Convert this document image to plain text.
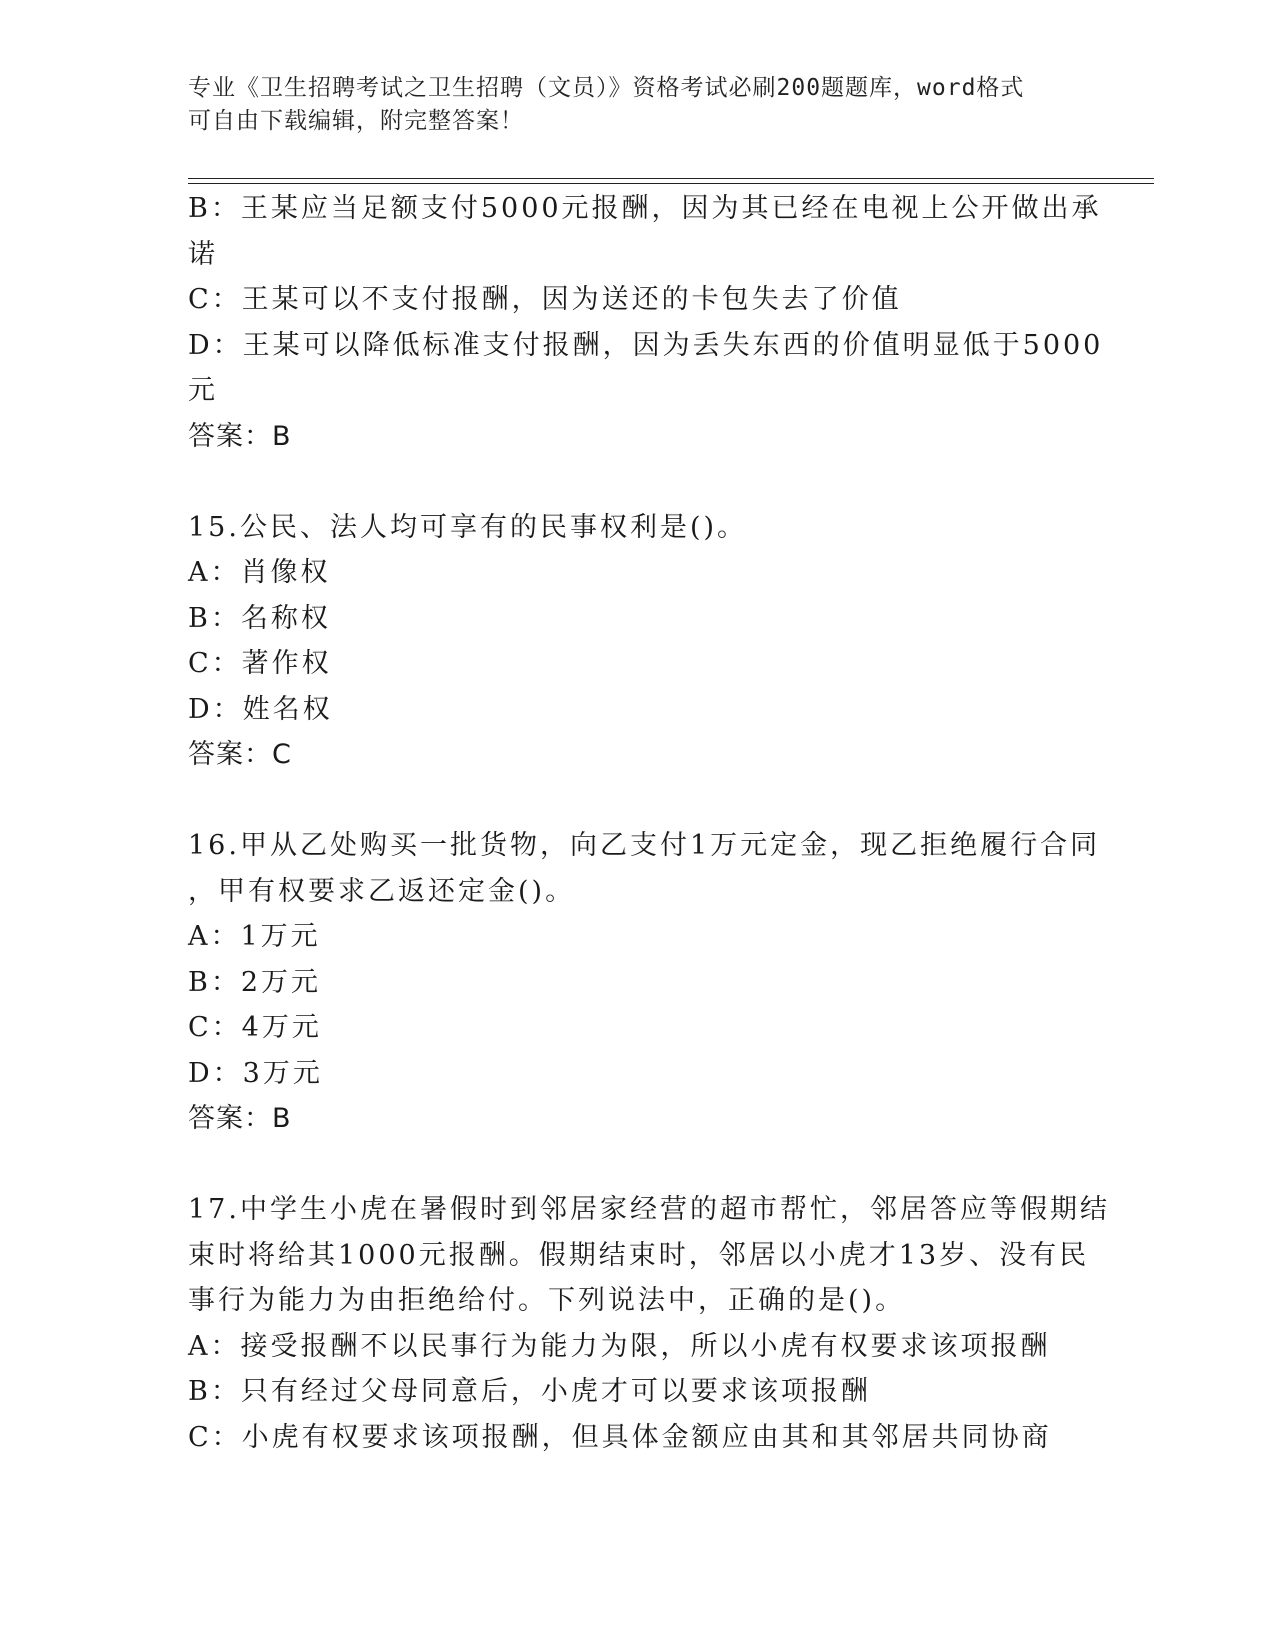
专业《卫生招聘考试之卫生招聘（文员）》资格考试必刷200题题库，word格式
可自由下载编辑，附完整答案！
B：王某应当足额支付5000元报酬，因为其已经在电视上公开做出承
诺
C：王某可以不支付报酬，因为送还的卡包失去了价值
D：王某可以降低标准支付报酬，因为丢失东西的价值明显低于5000
元
答案：B
15.公民、法人均可享有的民事权利是()。
A：肖像权
B：名称权
C：著作权
D：姓名权
答案：C
16.甲从乙处购买一批货物，向乙支付1万元定金，现乙拒绝履行合同
，甲有权要求乙返还定金()。
A：1万元
B：2万元
C：4万元
D：3万元
答案：B
17.中学生小虎在暑假时到邻居家经营的超市帮忙，邻居答应等假期结
束时将给其1000元报酬。假期结束时，邻居以小虎才13岁、没有民
事行为能力为由拒绝给付。下列说法中，正确的是()。
A：接受报酬不以民事行为能力为限，所以小虎有权要求该项报酬
B：只有经过父母同意后，小虎才可以要求该项报酬
C：小虎有权要求该项报酬，但具体金额应由其和其邻居共同协商
